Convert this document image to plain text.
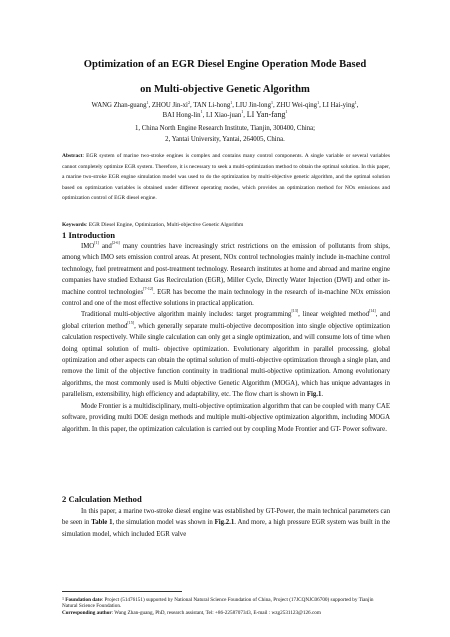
Optimization of an EGR Diesel Engine Operation Mode Based
on Multi-objective Genetic Algorithm
WANG Zhan-guang$^1$, ZHOU Jin-$xi^2$, TAN Li-hong$^1$, LIU Jin-long$^1$, ZHU Wei-qing$^1$, LI Hai-ying$^1$,
BAI Hong-lin$^1$, LI Xiao-juan$^1$, LI Yan-fang$^1$
1, China North Engine Research Institute, Tianjin, 300400, China;
2, Yantai University, Yantai, 264005, China.
Abstract: EGR system of marine two-stroke engines is complex and contains many control components. A single variable or several variables cannot completely optimize EGR system. Therefore, it is necessary to seek a multi-optimization method to obtain the optimal solution. In this paper, a marine two-stroke EGR engine simulation model was used to do the optimization by multi-objective genetic algorithm, and the optimal solution based on optimization variables is obtained under different operating modes, which provides an optimization method for NOx emissions and optimization control of EGR diesel engine.
Keywords: EGR Diesel Engine, Optimization, Multi-objective Genetic Algorithm
1 Introduction

IMO[1] and[2-6] many countries have increasingly strict restrictions on the emission of pollutants from ships, among which IMO sets emission control areas. At present, NOx control technologies mainly include in-machine control technology, fuel pretreatment and post-treatment technology. Research institutes at home and abroad and marine engine companies have studied Exhaust Gas Recirculation (EGR), Miller Cycle, Directly Water Injection (DWI) and other in-machine control technologies[7-12]. EGR has become the main technology in the research of in-machine NOx emission control and one of the most effective solutions in practical application.

Traditional multi-objective algorithm mainly includes: target programming[13], linear weighted method[14], and global criterion method[15], which generally separate multi-objective decomposition into single objective optimization calculation respectively. While single calculation can only get a single optimization, and will consume lots of time when doing optimal solution of multi- objective optimization. Evolutionary algorithm in parallel processing, global optimization and other aspects can obtain the optimal solution of multi-objective optimization through a single plan, and remove the limit of the objective function continuity in traditional multi-objective optimization. Among evolutionary algorithms, the most commonly used is Multi objective Genetic Algorithm (MOGA), which has unique advantages in parallelism, extensibility, high efficiency and adaptability, etc. The flow chart is shown in Fig.1.

Mode Frontier is a multidisciplinary, multi-objective optimization algorithm that can be coupled with many CAE software, providing multi DOE design methods and multiple multi-objective optimization algorithm, including MOGA algorithm. In this paper, the optimization calculation is carried out by coupling Mode Frontier and GT- Power software.

2 Calculation Method

In this paper, a marine two-stroke diesel engine was established by GT-Power, the main technical parameters can be seen in Table 1, the simulation model was shown in Fig.2.1. And more, a high pressure EGR system was built in the simulation model, which included EGR valve

$^1$ Foundation date: Project (51476151) supported by National Natural Science Foundation of China, Project (17JCQNJC06700) supported by Tianjin Natural Science Foundation.
Corresponding author: Wang Zhan-guang, PhD, research assistant, Tel: +86-2258707343, E-mail : wzg2531123@126.com
